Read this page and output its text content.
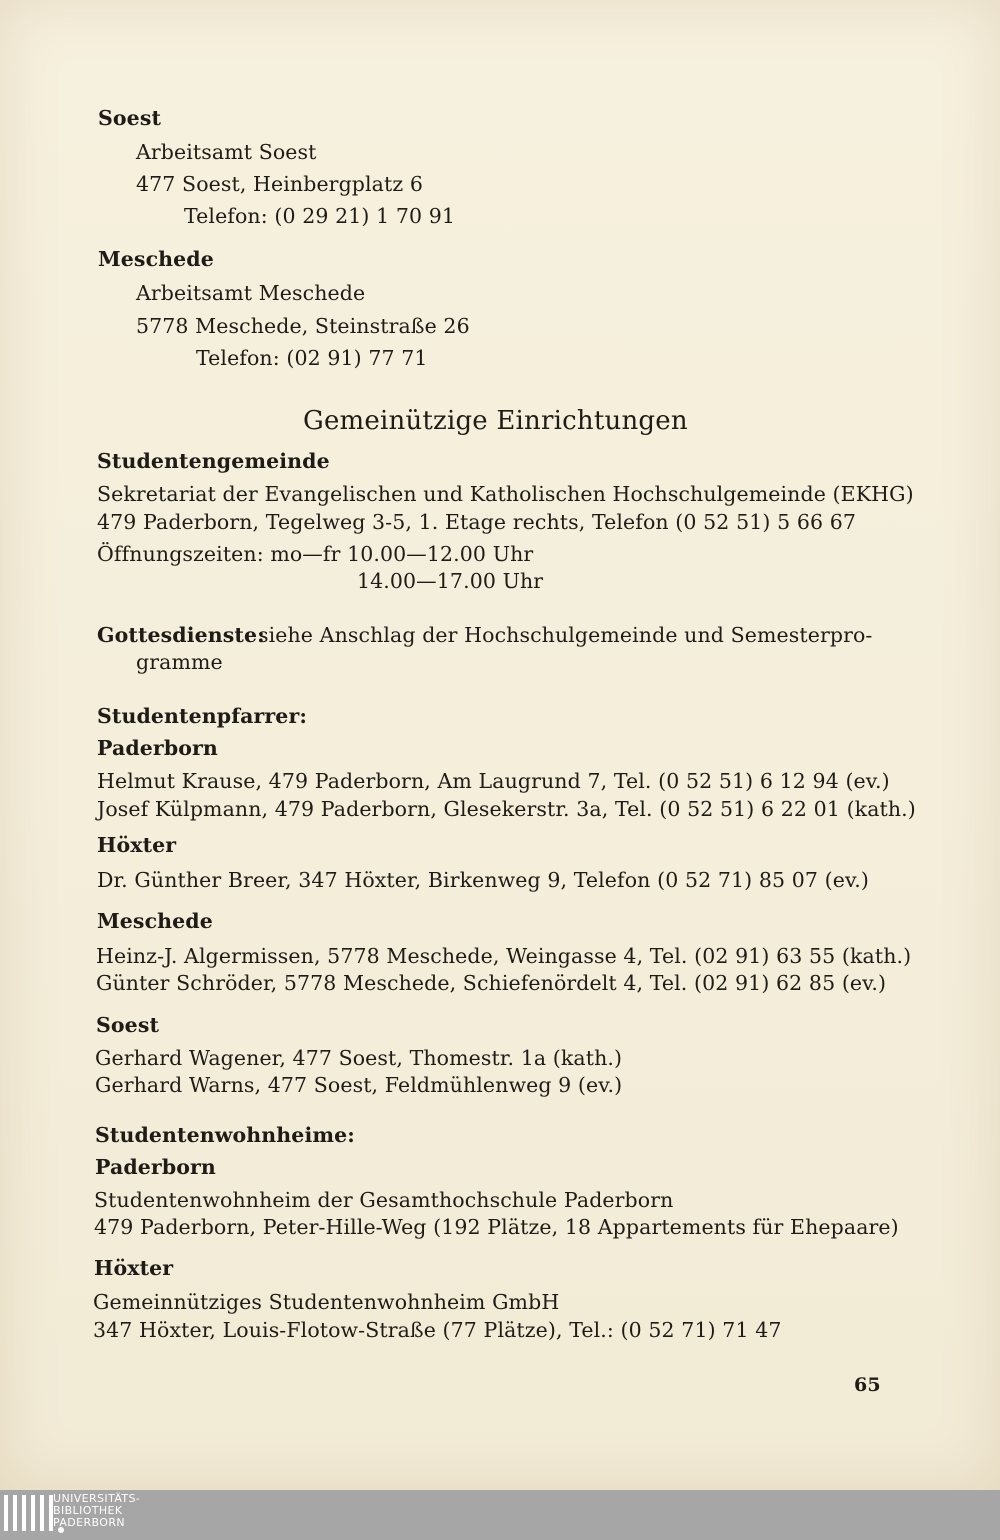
Soest
Arbeitsamt Soest
477 Soest, Heinbergplatz 6
Telefon: (0 29 21) 1 70 91
Meschede
Arbeitsamt Meschede
5778 Meschede, Steinstraße 26
Telefon: (02 91) 77 71
Gemeinützige Einrichtungen
Studentengemeinde
Sekretariat der Evangelischen und Katholischen Hochschulgemeinde (EKHG)
479 Paderborn, Tegelweg 3-5, 1. Etage rechts, Telefon (0 52 51) 5 66 67
Öffnungszeiten: mo—fr 10.00—12.00 Uhr
14.00—17.00 Uhr
Gottesdienste:
siehe Anschlag der Hochschulgemeinde und Semesterpro-
gramme
Studentenpfarrer:
Paderborn
Helmut Krause, 479 Paderborn, Am Laugrund 7, Tel. (0 52 51) 6 12 94 (ev.)
Josef Külpmann, 479 Paderborn, Glesekerstr. 3a, Tel. (0 52 51) 6 22 01 (kath.)
Höxter
Dr. Günther Breer, 347 Höxter, Birkenweg 9, Telefon (0 52 71) 85 07 (ev.)
Meschede
Heinz-J. Algermissen, 5778 Meschede, Weingasse 4, Tel. (02 91) 63 55 (kath.)
Günter Schröder, 5778 Meschede, Schiefenördelt 4, Tel. (02 91) 62 85 (ev.)
Soest
Gerhard Wagener, 477 Soest, Thomestr. 1a (kath.)
Gerhard Warns, 477 Soest, Feldmühlenweg 9 (ev.)
Studentenwohnheime:
Paderborn
Studentenwohnheim der Gesamthochschule Paderborn
479 Paderborn, Peter-Hille-Weg (192 Plätze, 18 Appartements für Ehepaare)
Höxter
Gemeinnütziges Studentenwohnheim GmbH
347 Höxter, Louis-Flotow-Straße (77 Plätze), Tel.: (0 52 71) 71 47
65
UNIVERSITÄTS-
BIBLIOTHEK
PADERBORN
